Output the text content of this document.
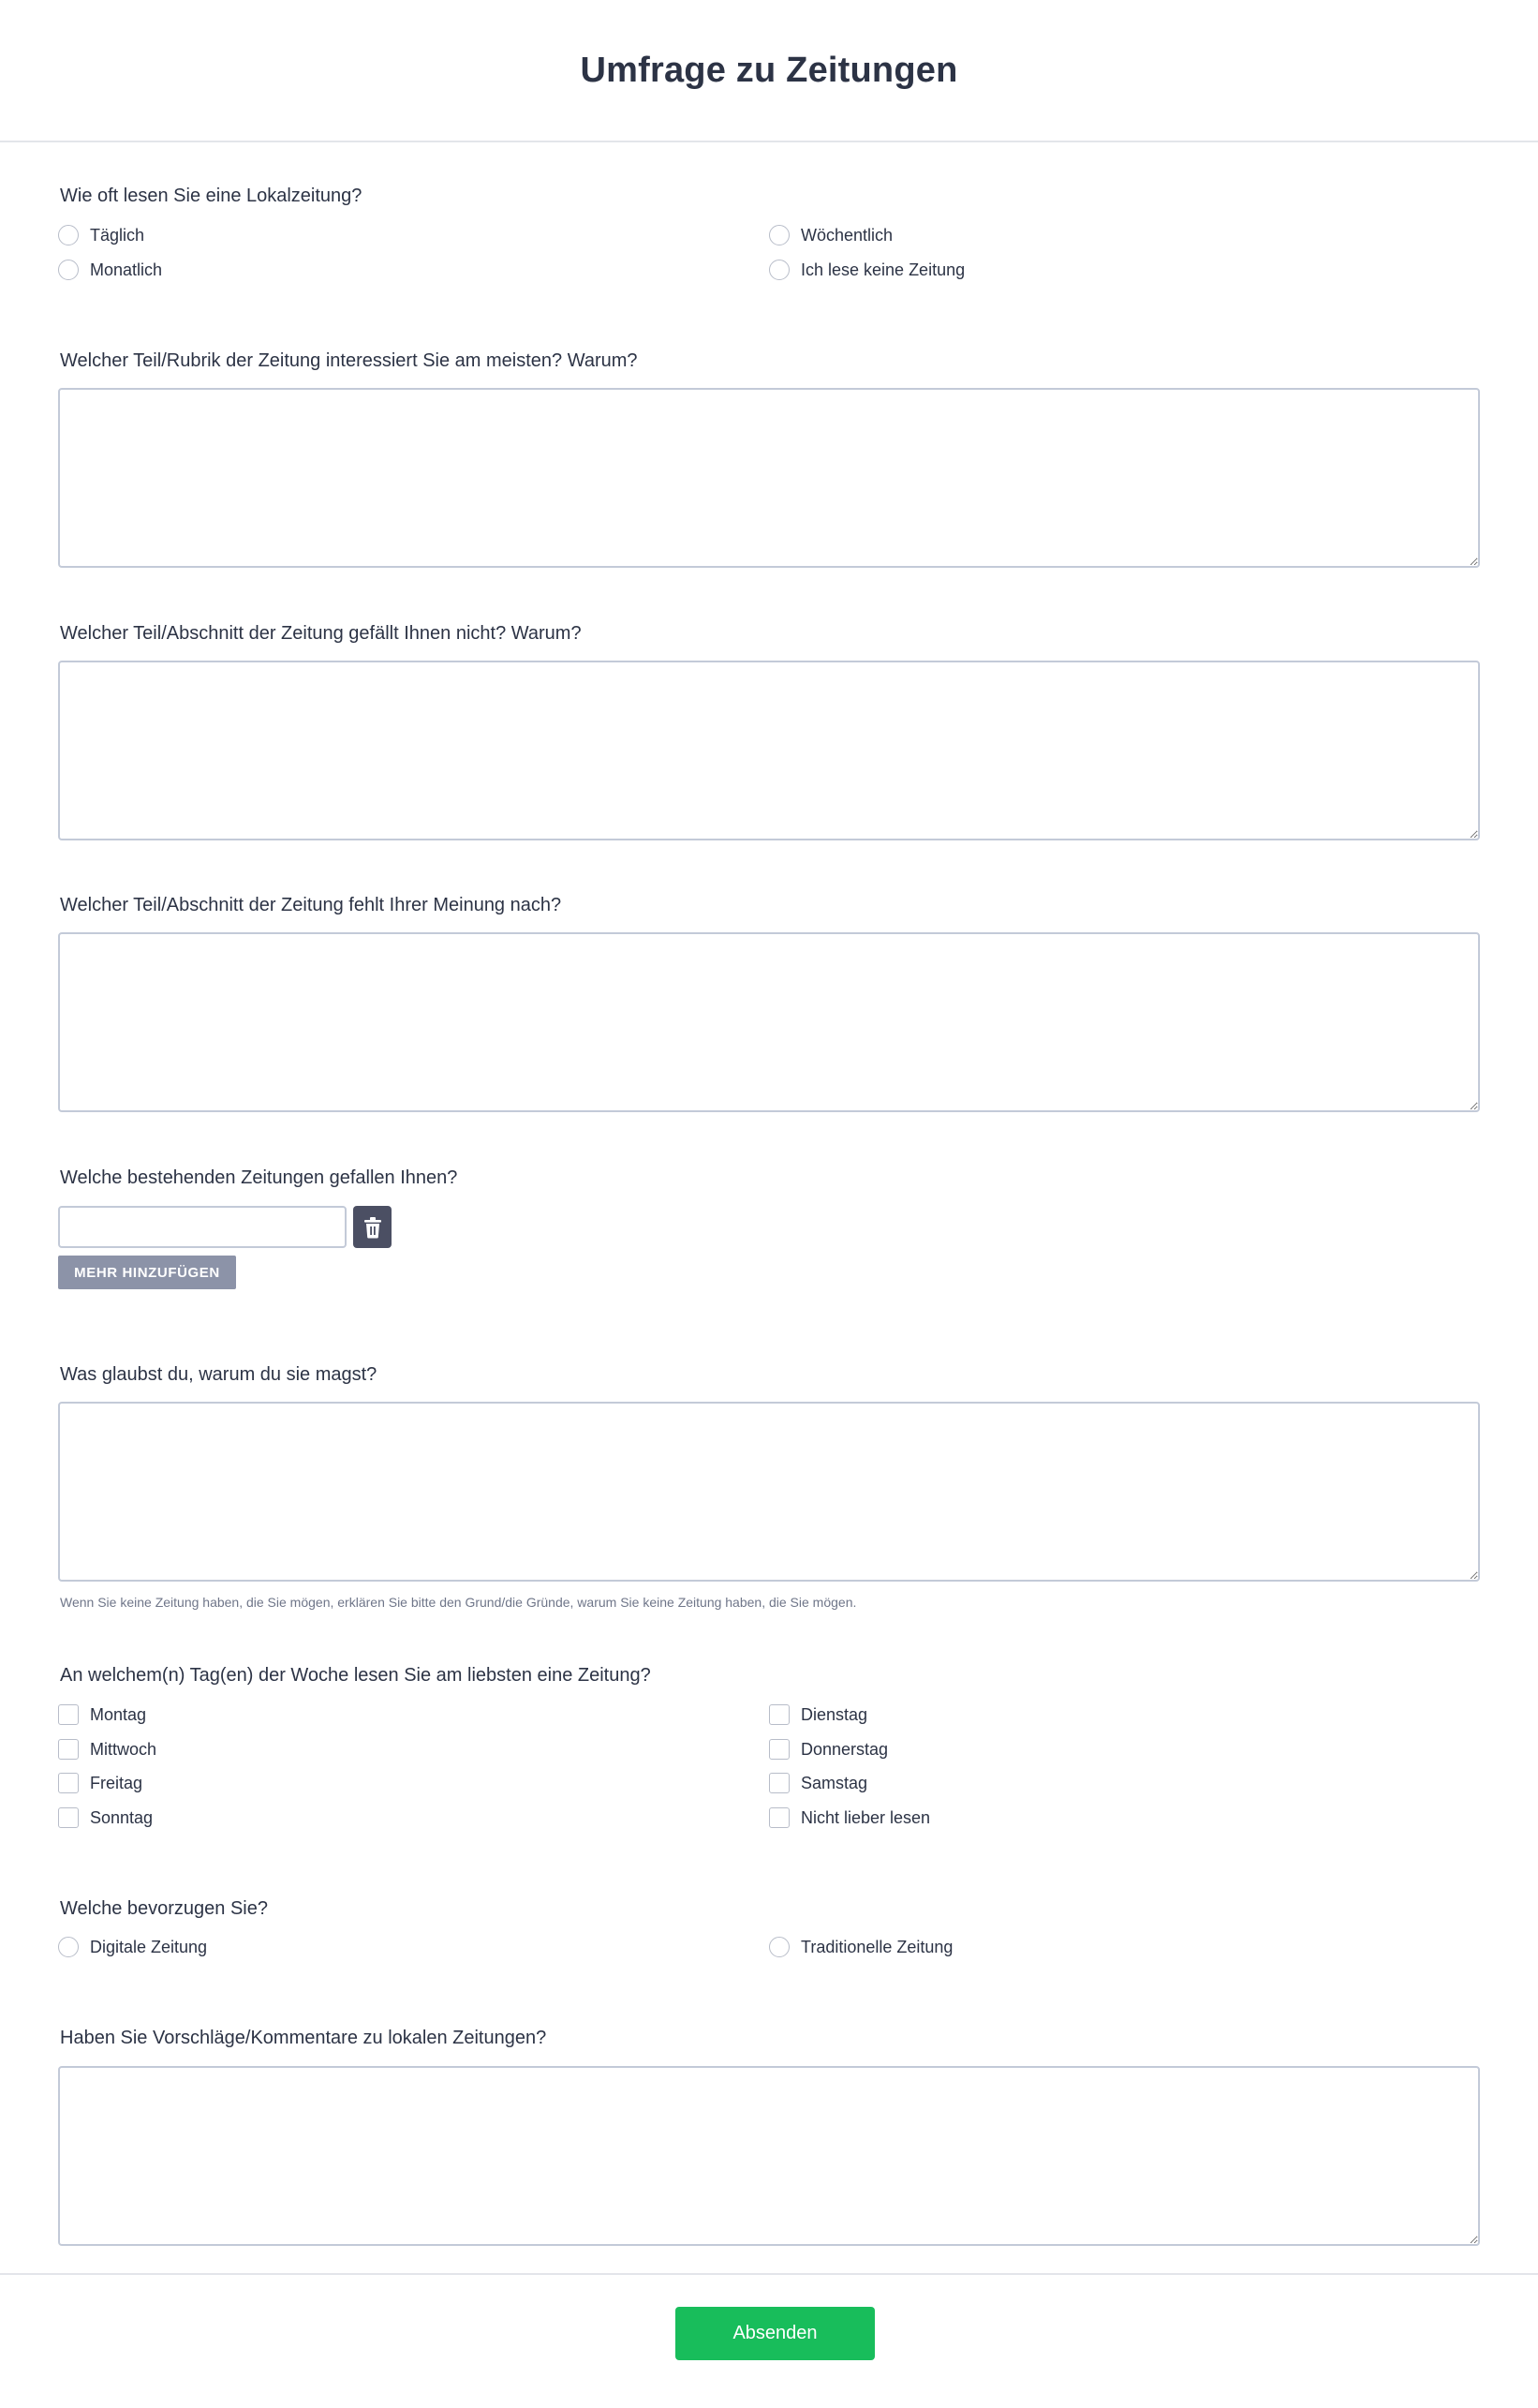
Umfrage zu Zeitungen
Wie oft lesen Sie eine Lokalzeitung?
Täglich	Wöchentlich
Monatlich	Ich lese keine Zeitung
Welcher Teil/Rubrik der Zeitung interessiert Sie am meisten? Warum?
Welcher Teil/Abschnitt der Zeitung gefällt Ihnen nicht? Warum?
Welcher Teil/Abschnitt der Zeitung fehlt Ihrer Meinung nach?
Welche bestehenden Zeitungen gefallen Ihnen?
MEHR HINZUFÜGEN
Was glaubst du, warum du sie magst?
Wenn Sie keine Zeitung haben, die Sie mögen, erklären Sie bitte den Grund/die Gründe, warum Sie keine Zeitung haben, die Sie mögen.
An welchem(n) Tag(en) der Woche lesen Sie am liebsten eine Zeitung?
Montag	Dienstag
Mittwoch	Donnerstag
Freitag	Samstag
Sonntag	Nicht lieber lesen
Welche bevorzugen Sie?
Digitale Zeitung	Traditionelle Zeitung
Haben Sie Vorschläge/Kommentare zu lokalen Zeitungen?
Absenden
